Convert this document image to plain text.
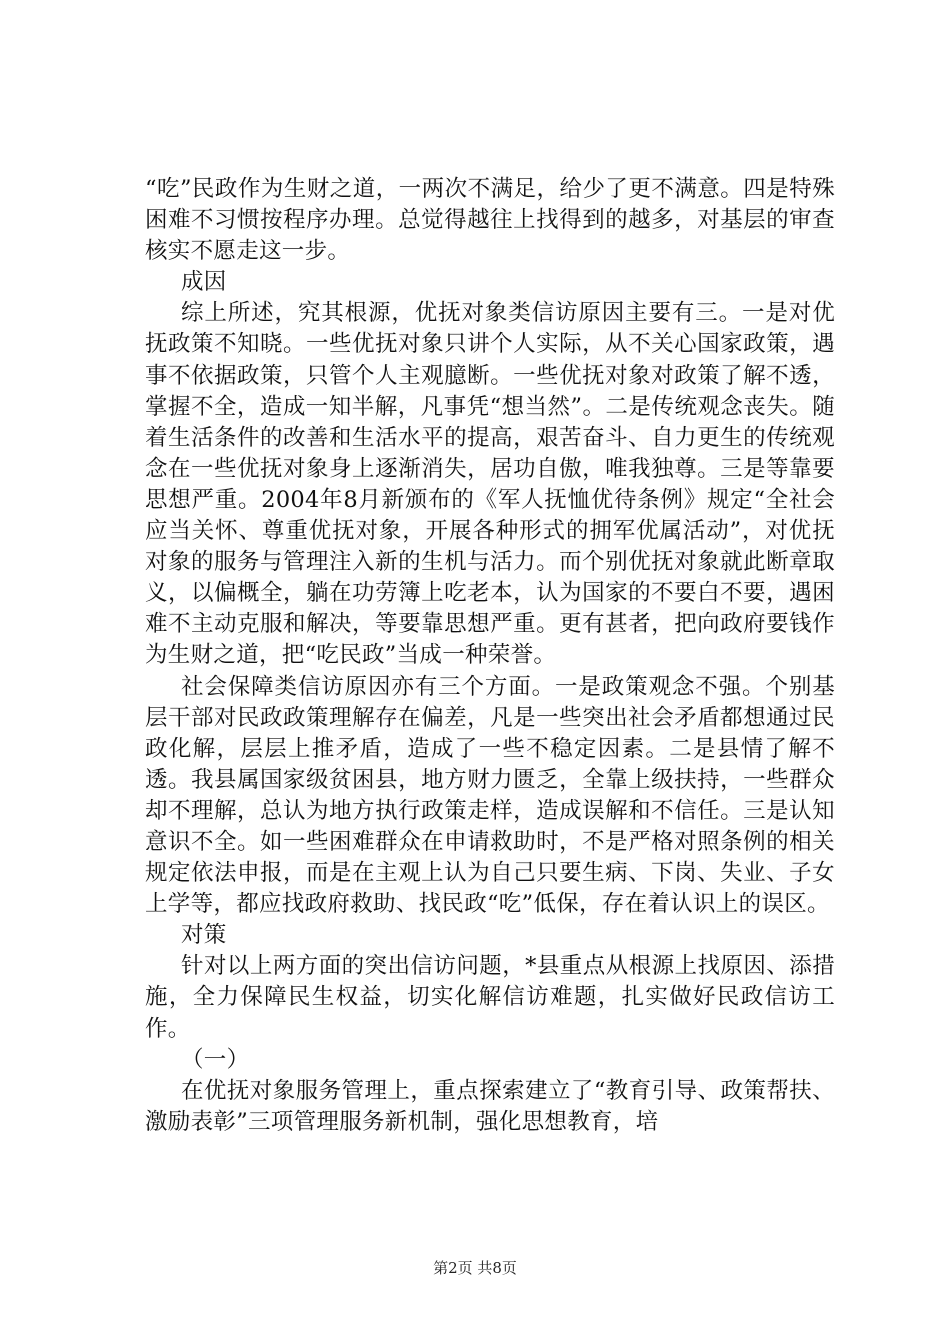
“吃”民政作为生财之道，一两次不满足，给少了更不满意。四是特殊困难不习惯按程序办理。总觉得越往上找得到的越多，对基层的审查核实不愿走这一步。

成因

综上所述，究其根源，优抚对象类信访原因主要有三。一是对优抚政策不知晓。一些优抚对象只讲个人实际，从不关心国家政策，遇事不依据政策，只管个人主观臆断。一些优抚对象对政策了解不透，掌握不全，造成一知半解，凡事凭“想当然”。二是传统观念丧失。随着生活条件的改善和生活水平的提高，艰苦奋斗、自力更生的传统观念在一些优抚对象身上逐渐消失，居功自傲，唯我独尊。三是等靠要思想严重。2004年8月新颁布的《军人抚恤优待条例》规定“全社会应当关怀、尊重优抚对象，开展各种形式的拥军优属活动”，对优抚对象的服务与管理注入新的生机与活力。而个别优抚对象就此断章取义，以偏概全，躺在功劳簿上吃老本，认为国家的不要白不要，遇困难不主动克服和解决，等要靠思想严重。更有甚者，把向政府要钱作为生财之道，把“吃民政”当成一种荣誉。

社会保障类信访原因亦有三个方面。一是政策观念不强。个别基层干部对民政政策理解存在偏差，凡是一些突出社会矛盾都想通过民政化解，层层上推矛盾，造成了一些不稳定因素。二是县情了解不透。我县属国家级贫困县，地方财力匮乏，全靠上级扶持，一些群众却不理解，总认为地方执行政策走样，造成误解和不信任。三是认知意识不全。如一些困难群众在申请救助时，不是严格对照条例的相关规定依法申报，而是在主观上认为自己只要生病、下岗、失业、子女上学等，都应找政府救助、找民政“吃”低保，存在着认识上的误区。

对策

针对以上两方面的突出信访问题，*县重点从根源上找原因、添措施，全力保障民生权益，切实化解信访难题，扎实做好民政信访工作。

（一）

在优抚对象服务管理上，重点探索建立了“教育引导、政策帮扶、激励表彰”三项管理服务新机制，强化思想教育，培

第2页 共8页
